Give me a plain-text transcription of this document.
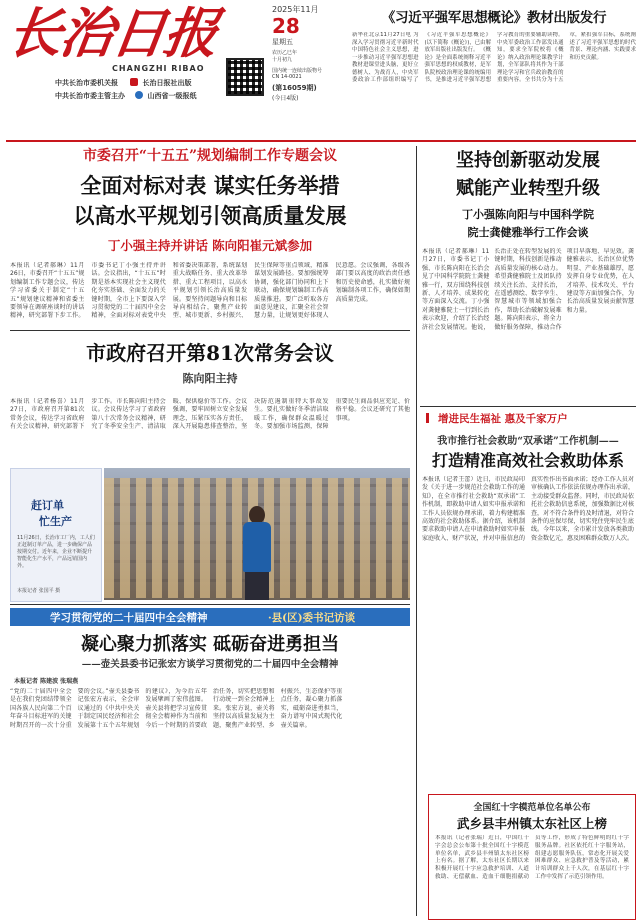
长治日报
CHANGZHI RIBAO
中共长治市委机关报	长治日报社出版
中共长治市委主管主办	山西省一级报纸
2025年11月
28
星期五
农历乙巳年
十月初九
国内统一连续出版物号
CN 14-0021
(第16059期)
(今日4版)
《习近平强军思想概论》教材出版发行
新华社北京11月27日电 为深入学习贯彻习近平新时代中国特色社会主义思想，进一步推动习近平强军思想进教材进课堂进头脑，更好立德树人、为战育人，中央军委政治工作部组织编写了《习近平强军思想概论》(以下简称《概论》)，已由解放军出版社出版发行。 《概论》是全面系统阐释习近平强军思想的权威教材，是军队院校政治理论课的统编用书，是推进习近平强军思想学习教育的重要辅助读物。中央军委政治工作部发出通知，要求全军院校将《概论》纳入政治理论课教学计划，全军部队将其作为干部理论学习和官兵政治教育的重要内容。全书共分为十五章，紧扣强军目标，系统阐述了习近平强军思想的时代背景、理论内涵、实践要求和历史贡献。
市委召开“十五五”规划编制工作专题会议
全面对标对表 谋实任务举措
以高水平规划引领高质量发展
丁小强主持并讲话 陈向阳崔元斌参加
本报讯（记者郝琳）11月26日，市委召开“十五五”规划编制工作专题会议，传达学习省委关于制定“十五五”规划建议精神和省委主要领导在调研座谈时的讲话精神，研究部署下步工作。市委书记丁小强主持并讲话。会议指出，“十五五”时期是基本实现社会主义现代化夯实基础、全面发力的关键时期，全市上下要深入学习贯彻党的二十届四中全会精神，全面对标对表党中央和省委决策部署，系统谋划重大战略任务、重大改革举措、重大工程项目，以高水平规划引领长治高质量发展。要坚持问题导向和目标导向相结合，聚焦产业转型、城市更新、乡村振兴、民生保障等重点领域，精准谋划发展路径。要加强统筹协调，强化部门协同和上下联动，确保规划编制工作高质量推进。要广泛听取各方面意见建议，汇聚全社会智慧力量，让规划更好体现人民意愿。会议强调，各级各部门要以高度的政治责任感和历史使命感，扎实做好规划编制各项工作，确保如期高质量完成。
市政府召开第81次常务会议
陈向阳主持
本报讯（记者杨喜）11月27日，市政府召开第81次常务会议，传达学习省政府有关会议精神，研究部署下步工作。市长陈向阳主持会议。会议传达学习了省政府第八十次常务会议精神，研究了冬季安全生产、清洁取暖、保供稳价等工作。会议强调，要牢固树立安全发展理念，压紧压实各方责任，深入开展隐患排查整治，坚决防范遏制重特大事故发生。要扎实做好冬季清洁取暖工作，确保群众温暖过冬。要加强市场监测，保障重要民生商品供应充足、价格平稳。会议还研究了其他事项。
赶订单
忙生产
11月26日，长治市工厂内，工人们正赶制订单产品，进一步确保产品按期交付。近年来，企业不断提升智能化生产水平，产品远销国内外。
本报记者 张国平 摄
学习贯彻党的二十届四中全会精神	·县(区)委书记访谈
凝心聚力抓落实 砥砺奋进勇担当
——壶关县委书记张宏方谈学习贯彻党的二十届四中全会精神
本报记者 陈建波 张瑞燕
“党的二十届四中全会是在我们党团结带领全国各族人民向第二个百年奋斗目标进军的关键时期召开的一次十分重要的会议。”壶关县委书记张宏方表示，全会审议通过的《中共中央关于制定国民经济和社会发展第十五个五年规划的建议》，为今后五年发展擘画了宏伟蓝图。壶关县将把学习宣传贯彻全会精神作为当前和今后一个时期的首要政治任务，切实把思想和行动统一到全会精神上来。张宏方说，壶关将坚持以高质量发展为主题，聚焦产业转型、乡村振兴、生态保护等重点任务，凝心聚力抓落实，砥砺奋进勇担当，奋力谱写中国式现代化壶关篇章。
坚持创新驱动发展
赋能产业转型升级
丁小强陈向阳与中国科学院
院士龚健雅举行工作会谈
本报讯（记者郝琳）11月27日，市委书记丁小强、市长陈向阳在长治会见了中国科学院院士龚健雅一行，双方围绕科技创新、人才培养、成果转化等方面深入交流。丁小强对龚健雅院士一行到长治表示欢迎，介绍了长治经济社会发展情况。他说，长治正处在转型发展的关键时期，科技创新是推动高质量发展的核心动力。希望龚健雅院士及团队持续关注长治、支持长治，在遥感测绘、数字孪生、智慧城市等领域加强合作，帮助长治破解发展难题。陈向阳表示，将全力做好服务保障，推动合作项目早落地、早见效。龚健雅表示，长治区位优势明显、产业基础雄厚，愿发挥自身专业优势，在人才培养、技术攻关、平台建设等方面加强合作，为长治高质量发展贡献智慧和力量。
增进民生福祉 惠及千家万户
我市推行社会救助“双承诺”工作机制——
打造精准高效社会救助体系
本报讯（记者王蕾）近日，市民政局印发《关于进一步规范社会救助工作的通知》，在全市推行社会救助“双承诺”工作机制，即救助申请人如实申报承诺和工作人员依规办理承诺，着力构建精准高效的社会救助体系。据介绍，该机制要求救助申请人在申请救助时如实申报家庭收入、财产状况，并对申报信息的真实性作出书面承诺；经办工作人员对审核确认工作依法依规办理作出承诺，主动接受群众监督。同时，市民政局依托社会救助信息系统，加强数据比对核查，对不符合条件的及时清退，对符合条件的应保尽保，切实兜住兜牢民生底线。今年以来，全市累计发放各类救助资金数亿元，惠及困难群众数万人次。
全国红十字模范单位名单公布
武乡县丰州镇太东社区上榜
本报讯（记者张瑞）近日，中国红十字会总会公布第十批全国红十字模范单位名单，武乡县丰州镇太东社区榜上有名。据了解，太东社区长期以来积极开展红十字应急救护培训、人道救助、无偿献血、造血干细胞捐献动员等工作，形成了特色鲜明的红十字服务品牌。社区依托红十字服务站，组建志愿服务队伍，常态化开展关爱困难群众、应急救护普及等活动，累计培训群众上千人次，在基层红十字工作中发挥了示范引领作用。
